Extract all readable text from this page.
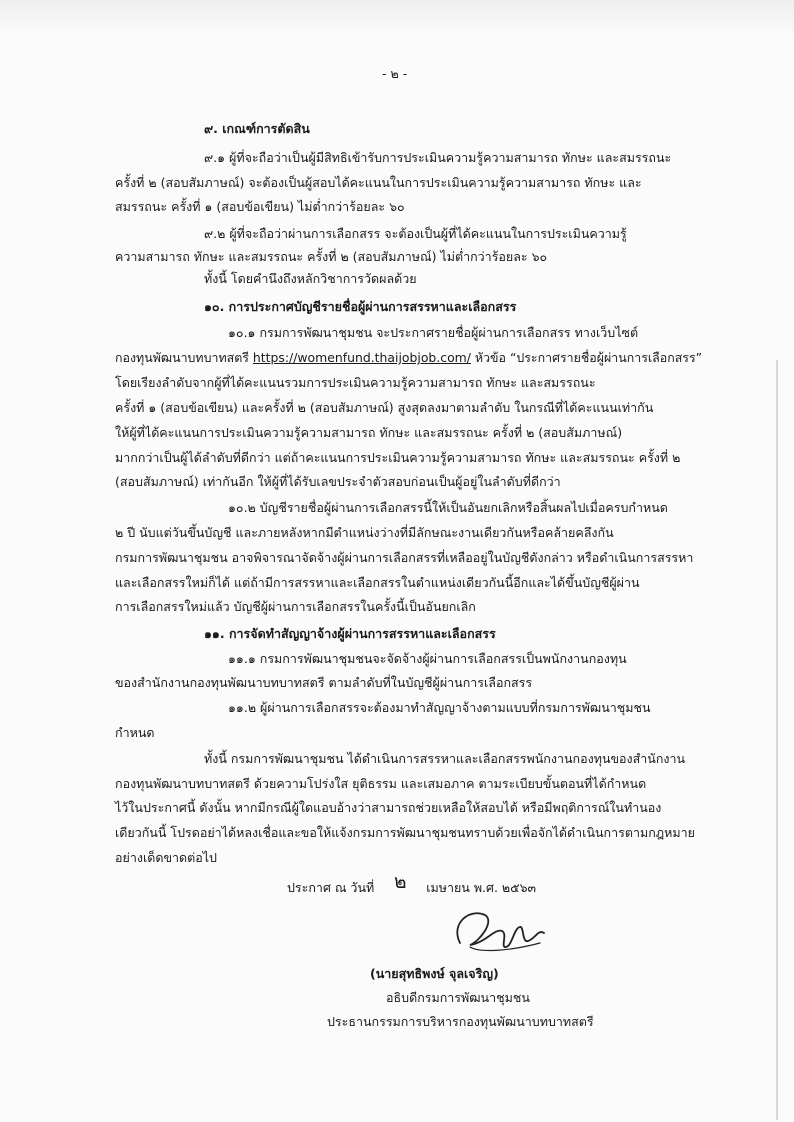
- ๒ -
๙. เกณฑ์การตัดสิน
๙.๑ ผู้ที่จะถือว่าเป็นผู้มีสิทธิเข้ารับการประเมินความรู้ความสามารถ ทักษะ และสมรรถนะ
ครั้งที่ ๒ (สอบสัมภาษณ์) จะต้องเป็นผู้สอบได้คะแนนในการประเมินความรู้ความสามารถ ทักษะ และ
สมรรถนะ ครั้งที่ ๑ (สอบข้อเขียน) ไม่ต่ำกว่าร้อยละ ๖๐
๙.๒ ผู้ที่จะถือว่าผ่านการเลือกสรร จะต้องเป็นผู้ที่ได้คะแนนในการประเมินความรู้
ความสามารถ ทักษะ และสมรรถนะ ครั้งที่ ๒ (สอบสัมภาษณ์) ไม่ต่ำกว่าร้อยละ ๖๐
ทั้งนี้ โดยคำนึงถึงหลักวิชาการวัดผลด้วย
๑๐. การประกาศบัญชีรายชื่อผู้ผ่านการสรรหาและเลือกสรร
๑๐.๑ กรมการพัฒนาชุมชน จะประกาศรายชื่อผู้ผ่านการเลือกสรร ทางเว็บไซต์
กองทุนพัฒนาบทบาทสตรี https://womenfund.thaijobjob.com/ หัวข้อ “ประกาศรายชื่อผู้ผ่านการเลือกสรร”
โดยเรียงลำดับจากผู้ที่ได้คะแนนรวมการประเมินความรู้ความสามารถ ทักษะ และสมรรถนะ
ครั้งที่ ๑ (สอบข้อเขียน) และครั้งที่ ๒ (สอบสัมภาษณ์) สูงสุดลงมาตามลำดับ ในกรณีที่ได้คะแนนเท่ากัน
ให้ผู้ที่ได้คะแนนการประเมินความรู้ความสามารถ ทักษะ และสมรรถนะ ครั้งที่ ๒ (สอบสัมภาษณ์)
มากกว่าเป็นผู้ได้ลำดับที่ดีกว่า แต่ถ้าคะแนนการประเมินความรู้ความสามารถ ทักษะ และสมรรถนะ ครั้งที่ ๒
(สอบสัมภาษณ์) เท่ากันอีก ให้ผู้ที่ได้รับเลขประจำตัวสอบก่อนเป็นผู้อยู่ในลำดับที่ดีกว่า
๑๐.๒ บัญชีรายชื่อผู้ผ่านการเลือกสรรนี้ให้เป็นอันยกเลิกหรือสิ้นผลไปเมื่อครบกำหนด
๒ ปี นับแต่วันขึ้นบัญชี และภายหลังหากมีตำแหน่งว่างที่มีลักษณะงานเดียวกันหรือคล้ายคลึงกัน
กรมการพัฒนาชุมชน อาจพิจารณาจัดจ้างผู้ผ่านการเลือกสรรที่เหลืออยู่ในบัญชีดังกล่าว หรือดำเนินการสรรหา
และเลือกสรรใหม่ก็ได้ แต่ถ้ามีการสรรหาและเลือกสรรในตำแหน่งเดียวกันนี้อีกและได้ขึ้นบัญชีผู้ผ่าน
การเลือกสรรใหม่แล้ว บัญชีผู้ผ่านการเลือกสรรในครั้งนี้เป็นอันยกเลิก
๑๑. การจัดทำสัญญาจ้างผู้ผ่านการสรรหาและเลือกสรร
๑๑.๑ กรมการพัฒนาชุมชนจะจัดจ้างผู้ผ่านการเลือกสรรเป็นพนักงานกองทุน
ของสำนักงานกองทุนพัฒนาบทบาทสตรี ตามลำดับที่ในบัญชีผู้ผ่านการเลือกสรร
๑๑.๒ ผู้ผ่านการเลือกสรรจะต้องมาทำสัญญาจ้างตามแบบที่กรมการพัฒนาชุมชน
กำหนด
ทั้งนี้ กรมการพัฒนาชุมชน ได้ดำเนินการสรรหาและเลือกสรรพนักงานกองทุนของสำนักงาน
กองทุนพัฒนาบทบาทสตรี ด้วยความโปร่งใส ยุติธรรม และเสมอภาค ตามระเบียบขั้นตอนที่ได้กำหนด
ไว้ในประกาศนี้ ดังนั้น หากมีกรณีผู้ใดแอบอ้างว่าสามารถช่วยเหลือให้สอบได้ หรือมีพฤติการณ์ในทำนอง
เดียวกันนี้ โปรดอย่าได้หลงเชื่อและขอให้แจ้งกรมการพัฒนาชุมชนทราบด้วยเพื่อจักได้ดำเนินการตามกฎหมาย
อย่างเด็ดขาดต่อไป
ประกาศ ณ วันที่ ๒ เมษายน พ.ศ. ๒๕๖๓
(นายสุทธิพงษ์ จุลเจริญ)
อธิบดีกรมการพัฒนาชุมชน
ประธานกรรมการบริหารกองทุนพัฒนาบทบาทสตรี
